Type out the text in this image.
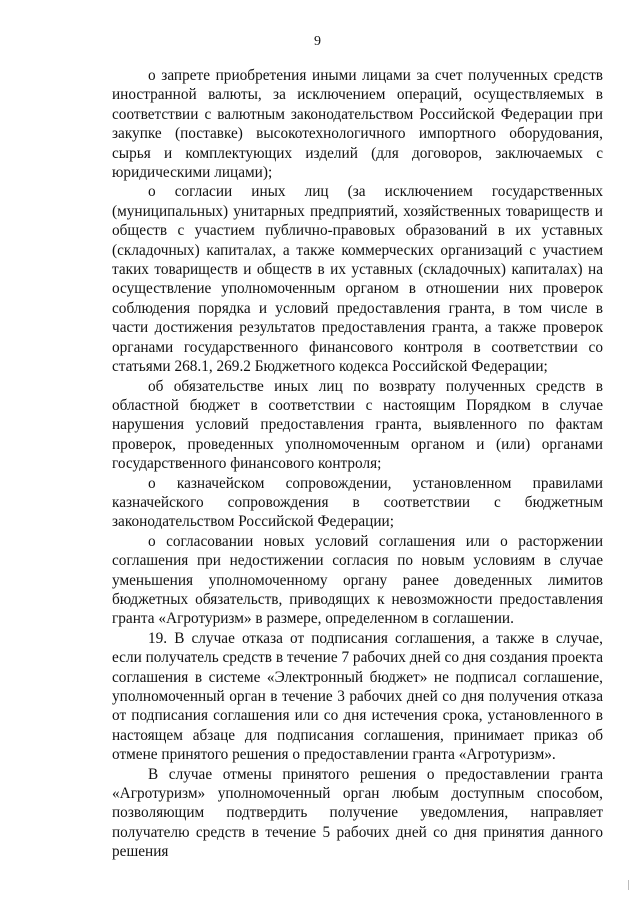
9

о запрете приобретения иными лицами за счет полученных средств иностранной валюты, за исключением операций, осуществляемых в соответствии с валютным законодательством Российской Федерации при закупке (поставке) высокотехнологичного импортного оборудования, сырья и комплектующих изделий (для договоров, заключаемых с юридическими лицами);

о согласии иных лиц (за исключением государственных (муниципальных) унитарных предприятий, хозяйственных товариществ и обществ с участием публично-правовых образований в их уставных (складочных) капиталах, а также коммерческих организаций с участием таких товариществ и обществ в их уставных (складочных) капиталах) на осуществление уполномоченным органом в отношении них проверок соблюдения порядка и условий предоставления гранта, в том числе в части достижения результатов предоставления гранта, а также проверок органами государственного финансового контроля в соответствии со статьями 268.1, 269.2 Бюджетного кодекса Российской Федерации;

об обязательстве иных лиц по возврату полученных средств в областной бюджет в соответствии с настоящим Порядком в случае нарушения условий предоставления гранта, выявленного по фактам проверок, проведенных уполномоченным органом и (или) органами государственного финансового контроля;

о казначейском сопровождении, установленном правилами казначейского сопровождения в соответствии с бюджетным законодательством Российской Федерации;

о согласовании новых условий соглашения или о расторжении соглашения при недостижении согласия по новым условиям в случае уменьшения уполномоченному органу ранее доведенных лимитов бюджетных обязательств, приводящих к невозможности предоставления гранта «Агротуризм» в размере, определенном в соглашении.

19. В случае отказа от подписания соглашения, а также в случае, если получатель средств в течение 7 рабочих дней со дня создания проекта соглашения в системе «Электронный бюджет» не подписал соглашение, уполномоченный орган в течение 3 рабочих дней со дня получения отказа от подписания соглашения или со дня истечения срока, установленного в настоящем абзаце для подписания соглашения, принимает приказ об отмене принятого решения о предоставлении гранта «Агротуризм».

В случае отмены принятого решения о предоставлении гранта «Агротуризм» уполномоченный орган любым доступным способом, позволяющим подтвердить получение уведомления, направляет получателю средств в течение 5 рабочих дней со дня принятия данного решения
